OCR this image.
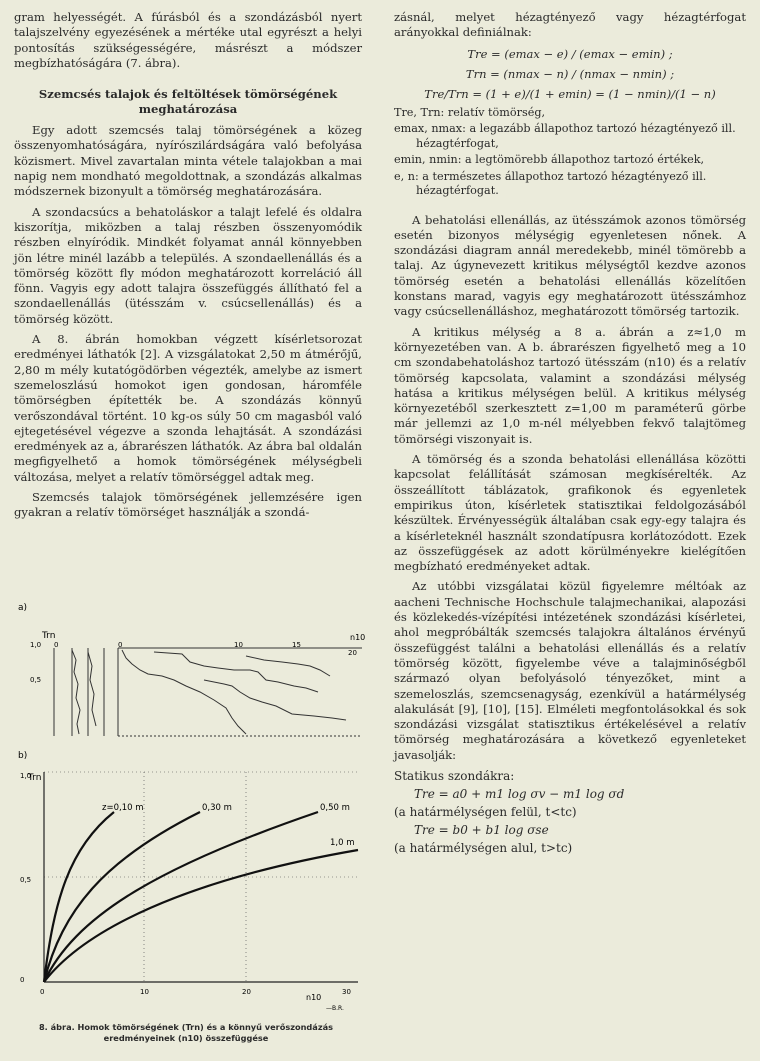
gram helyességét. A fúrásból és a szondázásból nyert talajszelvény egyezésének a mértéke utal egyrészt a helyi pontosítás szükségességére, másrészt a módszer megbízhatóságára (7. ábra).

Szemcsés talajok és feltöltések tömörségének meghatározása

Egy adott szemcsés talaj tömörségének a közeg összenyomhatóságára, nyírószilárdságára való befolyása közismert. Mivel zavartalan minta vétele talajokban a mai napig nem mondható megoldottnak, a szondázás alkalmas módszernek bizonyult a tömörség meghatározására.

A szondacsúcs a behatoláskor a talajt lefelé és oldalra kiszorítja, miközben a talaj részben összenyomódik részben elnyíródik. Mindkét folyamat annál könnyebben jön létre minél lazább a település. A szondaellenállás és a tömörség között fly módon meghatározott korreláció áll fönn. Vagyis egy adott talajra összefüggés állítható fel a szondaellenállás (ütésszám v. csúcsellenállás) és a tömörség között.

A 8. ábrán homokban végzett kísérletsorozat eredményei láthatók [2]. A vizsgálatokat 2,50 m átmérőjű, 2,80 m mély kutatógödörben végezték, amelybe az ismert szemeloszlású homokot igen gondosan, háromféle tömörségben építették be. A szondázás könnyű verőszondával történt. 10 kg-os súly 50 cm magasból való ejtegetésével végezve a szonda lehajtását. A szondázási eredmények az a, ábrarészen láthatók. Az ábra bal oldalán megfigyelhető a homok tömörségének mélységbeli változása, melyet a relatív tömörséggel adtak meg.

Szemcsés talajok tömörségének jellemzésére igen gyakran a relatív tömörséget használják a szondá-

a)
Trn	n10
1,0
0,5
0	0	10	15
20
b)
Trn
1,0
0,5
0
0	10	20	30
n10
—B.R.
z=0,10 m	0,30 m	0,50 m
1,0 m
8. ábra. Homok tömörségének (Trn) és a könnyű verőszondázás eredményeinek (n10) összefüggése

zásnál, melyet hézagtényező vagy hézagtérfogat arányokkal definiálnak:

Tre = (emax − e) / (emax − emin) ;
Trn = (nmax − n) / (nmax − nmin) ;
Tre/Trn = (1 + e)/(1 + emin) = (1 − nmin)/(1 − n)
Tre, Trn: relatív tömörség,
emax, nmax: a legazább állapothoz tartozó hézagtényező ill. hézagtérfogat,
emin, nmin: a legtömörebb állapothoz tartozó értékek,
e, n: a természetes állapothoz tartozó hézagtényező ill. hézagtérfogat.

A behatolási ellenállás, az ütésszámok azonos tömörség esetén bizonyos mélységig egyenletesen nőnek. A szondázási diagram annál meredekebb, minél tömörebb a talaj. Az úgynevezett kritikus mélységtől kezdve azonos tömörség esetén a behatolási ellenállás közelítően konstans marad, vagyis egy meghatározott ütésszámhoz vagy csúcsellenálláshoz, meghatározott tömörség tartozik.

A kritikus mélység a 8 a. ábrán a z≈1,0 m környezetében van. A b. ábrarészen figyelhető meg a 10 cm szondabehatoláshoz tartozó ütésszám (n10) és a relatív tömörség kapcsolata, valamint a szondázási mélység hatása a kritikus mélységen belül. A kritikus mélység környezetéből szerkesztett z=1,00 m paraméterű görbe már jellemzi az 1,0 m-nél mélyebben fekvő talajtömeg tömörségi viszonyait is.

A tömörség és a szonda behatolási ellenállása közötti kapcsolat felállítását számosan megkísérelték. Az összeállított táblázatok, grafikonok és egyenletek empirikus úton, kísérletek statisztikai feldolgozásából készültek. Érvényességük általában csak egy-egy talajra és a kísérleteknél használt szondatípusra korlátozódott. Ezek az összefüggések az adott körülményekre kielégítően megbízható eredményeket adtak.

Az utóbbi vizsgálatai közül figyelemre méltóak az aacheni Technische Hochschule talajmechanikai, alapozási és közlekedés-vízépítési intézetének szondázási kísérletei, ahol megpróbálták szemcsés talajokra általános érvényű összefüggést találni a behatolási ellenállás és a relatív tömörség között, figyelembe véve a talajminőségből származó olyan befolyásoló tényezőket, mint a szemeloszlás, szemcsenagyság, ezenkívül a határmélység alakulását [9], [10], [15]. Elméleti megfontolásokkal és sok szondázási vizsgálat statisztikus értékelésével a relatív tömörség meghatározására a következő egyenleteket javasolják:

Statikus szondákra:
Tre = a0 + m1 log σv − m1 log σd
(a határmélységen felül, t<tc)
Tre = b0 + b1 log σse
(a határmélységen alul, t>tc)
